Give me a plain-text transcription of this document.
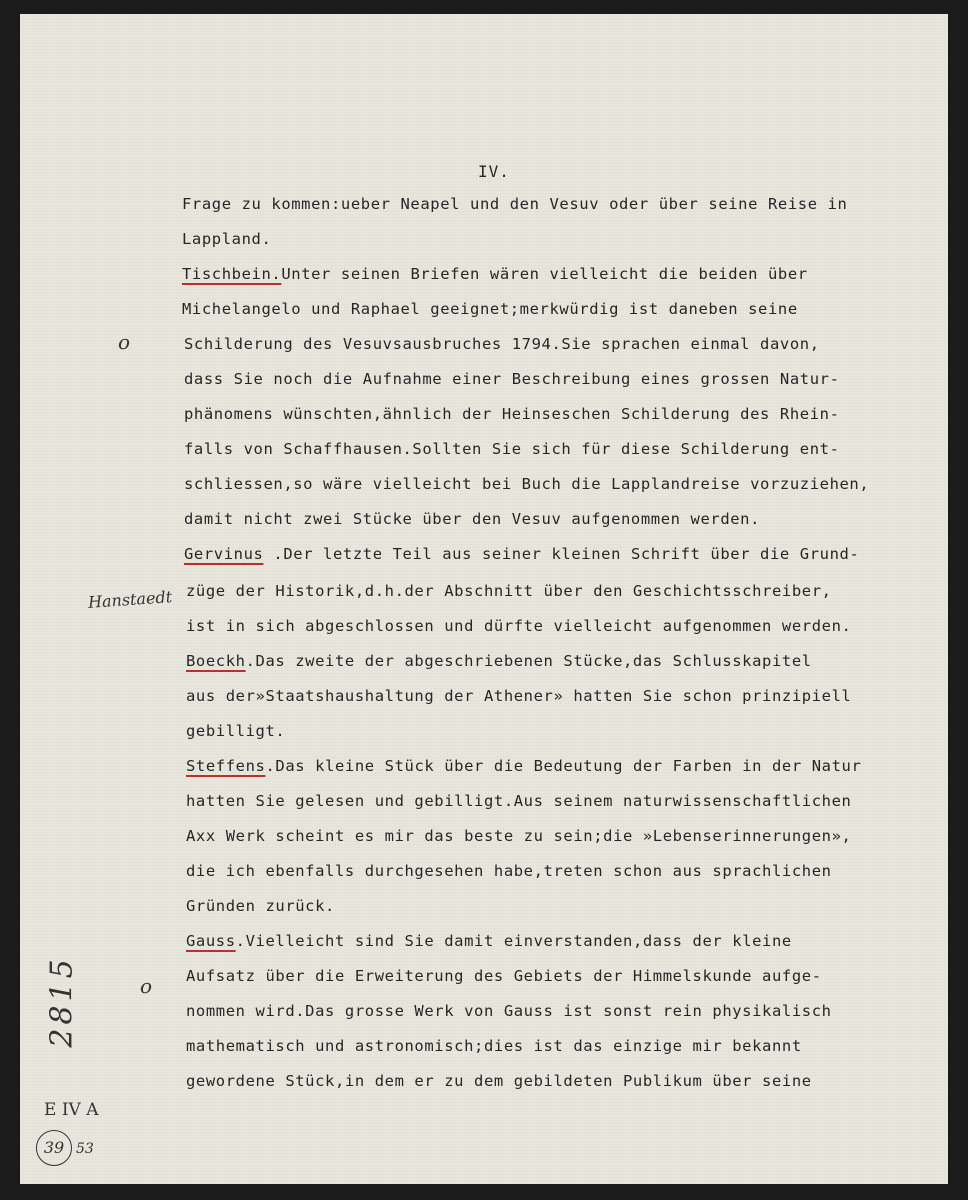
IV.
Frage zu kommen:ueber Neapel und den Vesuv oder über seine Reise in
Lappland.
Tischbein.Unter seinen Briefen wären vielleicht die beiden über
Michelangelo und Raphael geeignet;merkwürdig ist daneben seine
Schilderung des Vesuvsausbruches 1794.Sie sprachen einmal davon,
dass Sie noch die Aufnahme einer Beschreibung eines grossen Natur-
phänomens wünschten,ähnlich der Heinseschen Schilderung des Rhein-
falls von Schaffhausen.Sollten Sie sich für diese Schilderung ent-
schliessen,so wäre vielleicht bei Buch die Lapplandreise vorzuziehen,
damit nicht zwei Stücke über den Vesuv aufgenommen werden.
Gervinus .Der letzte Teil aus seiner kleinen Schrift über die Grund-
züge der Historik,d.h.der Abschnitt über den Geschichtsschreiber,
ist in sich abgeschlossen und dürfte vielleicht aufgenommen werden.
Boeckh.Das zweite der abgeschriebenen Stücke,das Schlusskapitel
aus der»Staatshaushaltung der Athener» hatten Sie schon prinzipiell
gebilligt.
Steffens.Das kleine Stück über die Bedeutung der Farben in der Natur
hatten Sie gelesen und gebilligt.Aus seinem naturwissenschaftlichen
Axx Werk scheint es mir das beste zu sein;die »Lebenserinnerungen»,
die ich ebenfalls durchgesehen habe,treten schon aus sprachlichen
Gründen zurück.
Gauss.Vielleicht sind Sie damit einverstanden,dass der kleine
Aufsatz über die Erweiterung des Gebiets der Himmelskunde aufge-
nommen wird.Das grosse Werk von Gauss ist sonst rein physikalisch
mathematisch und astronomisch;dies ist das einzige mir bekannt
gewordene Stück,in dem er zu dem gebildeten Publikum über seine
o
Hanstaedt
o
2815
E IV A
39 53
